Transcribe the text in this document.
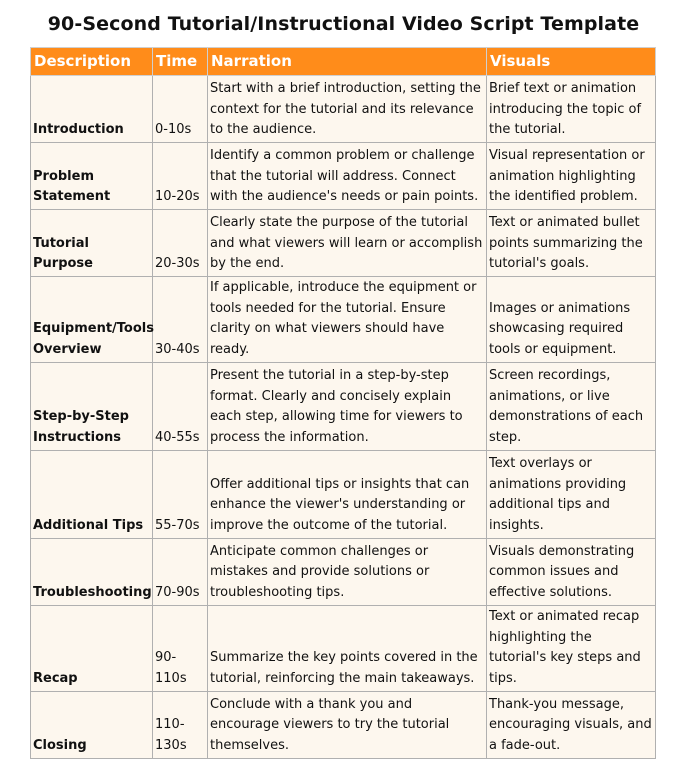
90-Second Tutorial/Instructional Video Script Template
Description	Time	Narration	Visuals
Introduction	0-10s	Start with a brief introduction, setting the context for the tutorial and its relevance to the audience.	Brief text or animation introducing the topic of the tutorial.
Problem Statement	10-20s	Identify a common problem or challenge that the tutorial will address. Connect with the audience's needs or pain points.	Visual representation or animation highlighting the identified problem.
Tutorial Purpose	20-30s	Clearly state the purpose of the tutorial and what viewers will learn or accomplish by the end.	Text or animated bullet points summarizing the tutorial's goals.
Equipment/Tools Overview	30-40s	If applicable, introduce the equipment or tools needed for the tutorial. Ensure clarity on what viewers should have ready.	Images or animations showcasing required tools or equipment.
Step-by-Step Instructions	40-55s	Present the tutorial in a step-by-step format. Clearly and concisely explain each step, allowing time for viewers to process the information.	Screen recordings, animations, or live demonstrations of each step.
Additional Tips	55-70s	Offer additional tips or insights that can enhance the viewer's understanding or improve the outcome of the tutorial.	Text overlays or animations providing additional tips and insights.
Troubleshooting	70-90s	Anticipate common challenges or mistakes and provide solutions or troubleshooting tips.	Visuals demonstrating common issues and effective solutions.
Recap	90-110s	Summarize the key points covered in the tutorial, reinforcing the main takeaways.	Text or animated recap highlighting the tutorial's key steps and tips.
Closing	110-130s	Conclude with a thank you and encourage viewers to try the tutorial themselves.	Thank-you message, encouraging visuals, and a fade-out.
